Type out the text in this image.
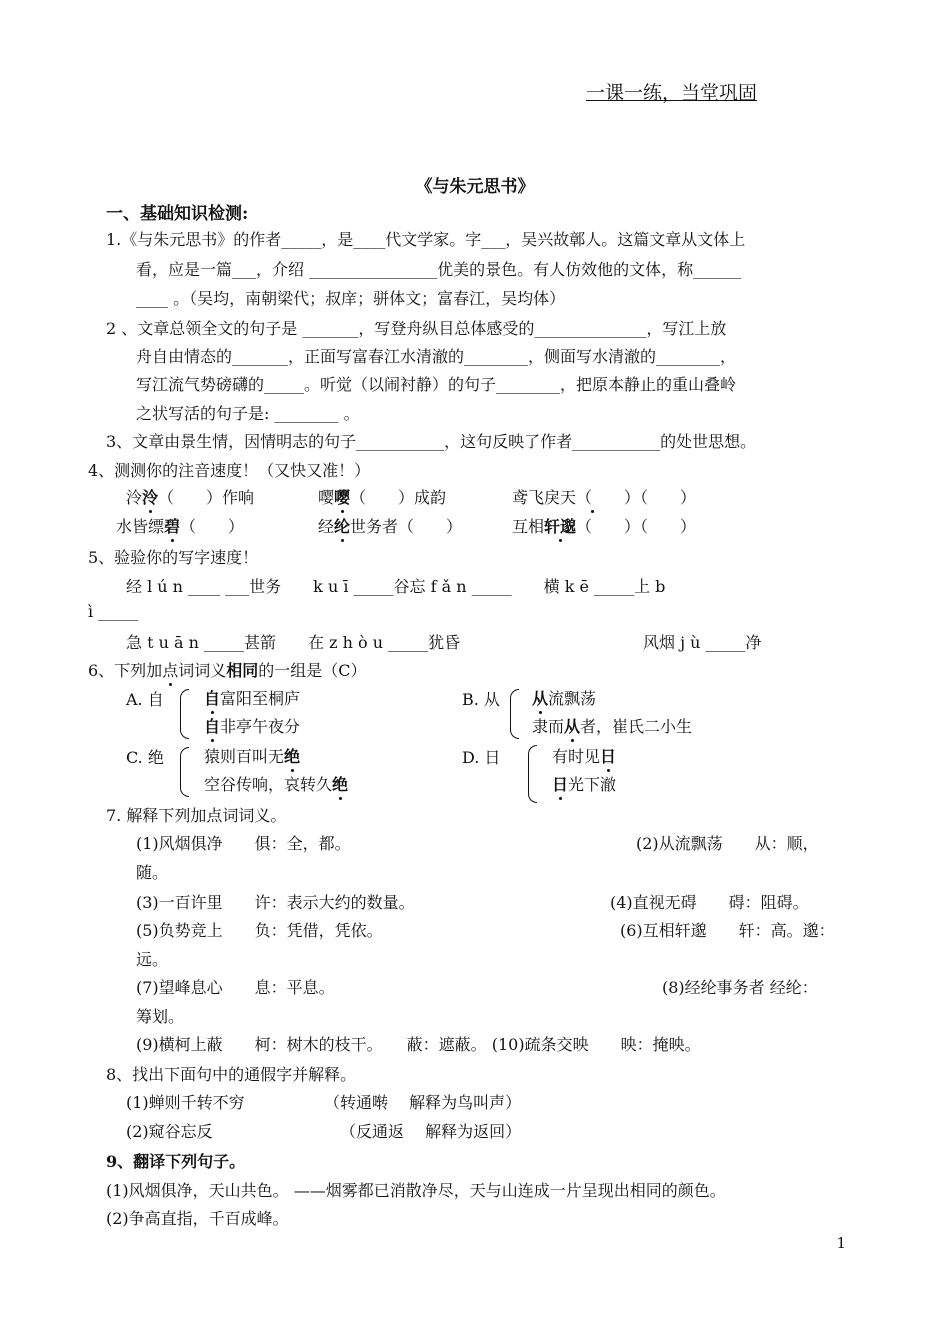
一课一练，当堂巩固
《与朱元思书》
一、基础知识检测:
1.《与朱元思书》的作者_____，是____代文学家。字___，吴兴故鄣人。这篇文章从文体上
看，应是一篇___，介绍 ________________优美的景色。有人仿效他的文体，称______
____ 。（吴均，南朝梁代；叔庠；骈体文；富春江，吴均体）
2 、文章总领全文的句子是 _______，写登舟纵目总体感受的______________，写江上放
舟自由情态的_______，正面写富春江水清澈的________，侧面写水清澈的________，
写江流气势磅礴的_____。听觉（以闹衬静）的句子________，把原本静止的重山叠岭
之状写活的句子是: ________ 。
3、文章由景生情，因情明志的句子___________，这句反映了作者___________的处世思想。
4、测测你的注音速度！（又快又准！）
泠泠（　　）作响	嘤嘤（　　）成韵	鸢飞戾天（　　）（　　）
水皆缥碧（　　）	经纶世务者（　　）	互相轩邈（　　）（　　）
5、验验你的写字速度！
经 l ú n ____ ___世务　　k u ī _____谷忘 f ǎ n _____　　横 k ē _____上 b
ì _____
急 t u ā n _____甚箭　　在 z h ò u _____犹昏	风烟 j ù _____净
6、下列加点词词义相同的一组是（C）
A. 自	自富阳至桐庐
自非亭午夜分
B. 从 从流飘荡
隶而从者，崔氏二小生
C. 绝	猿则百叫无绝
空谷传响，哀转久绝
D. 日	有时见日
日光下澈
7. 解释下列加点词词义。
(1)风烟俱净　　俱：全，都。	(2)从流飘荡　　从：顺，
随。
(3)一百许里　　许：表示大约的数量。	(4)直视无碍　　碍：阻碍。
(5)负势竞上　　负：凭借，凭依。	(6)互相轩邈　　轩：高。邈：
远。
(7)望峰息心　　息：平息。	(8)经纶事务者 经纶：
筹划。
(9)横柯上蔽　　柯：树木的枝干。　　蔽：遮蔽。 (10)疏条交映　　映：掩映。
8、找出下面句中的通假字并解释。
(1)蝉则千转不穷	（转通啭　 解释为鸟叫声）
(2)窥谷忘反	（反通返　 解释为返回）
9、翻译下列句子。
(1)风烟俱净，天山共色。 ——烟雾都已消散净尽，天与山连成一片呈现出相同的颜色。
(2)争高直指，千百成峰。
1
